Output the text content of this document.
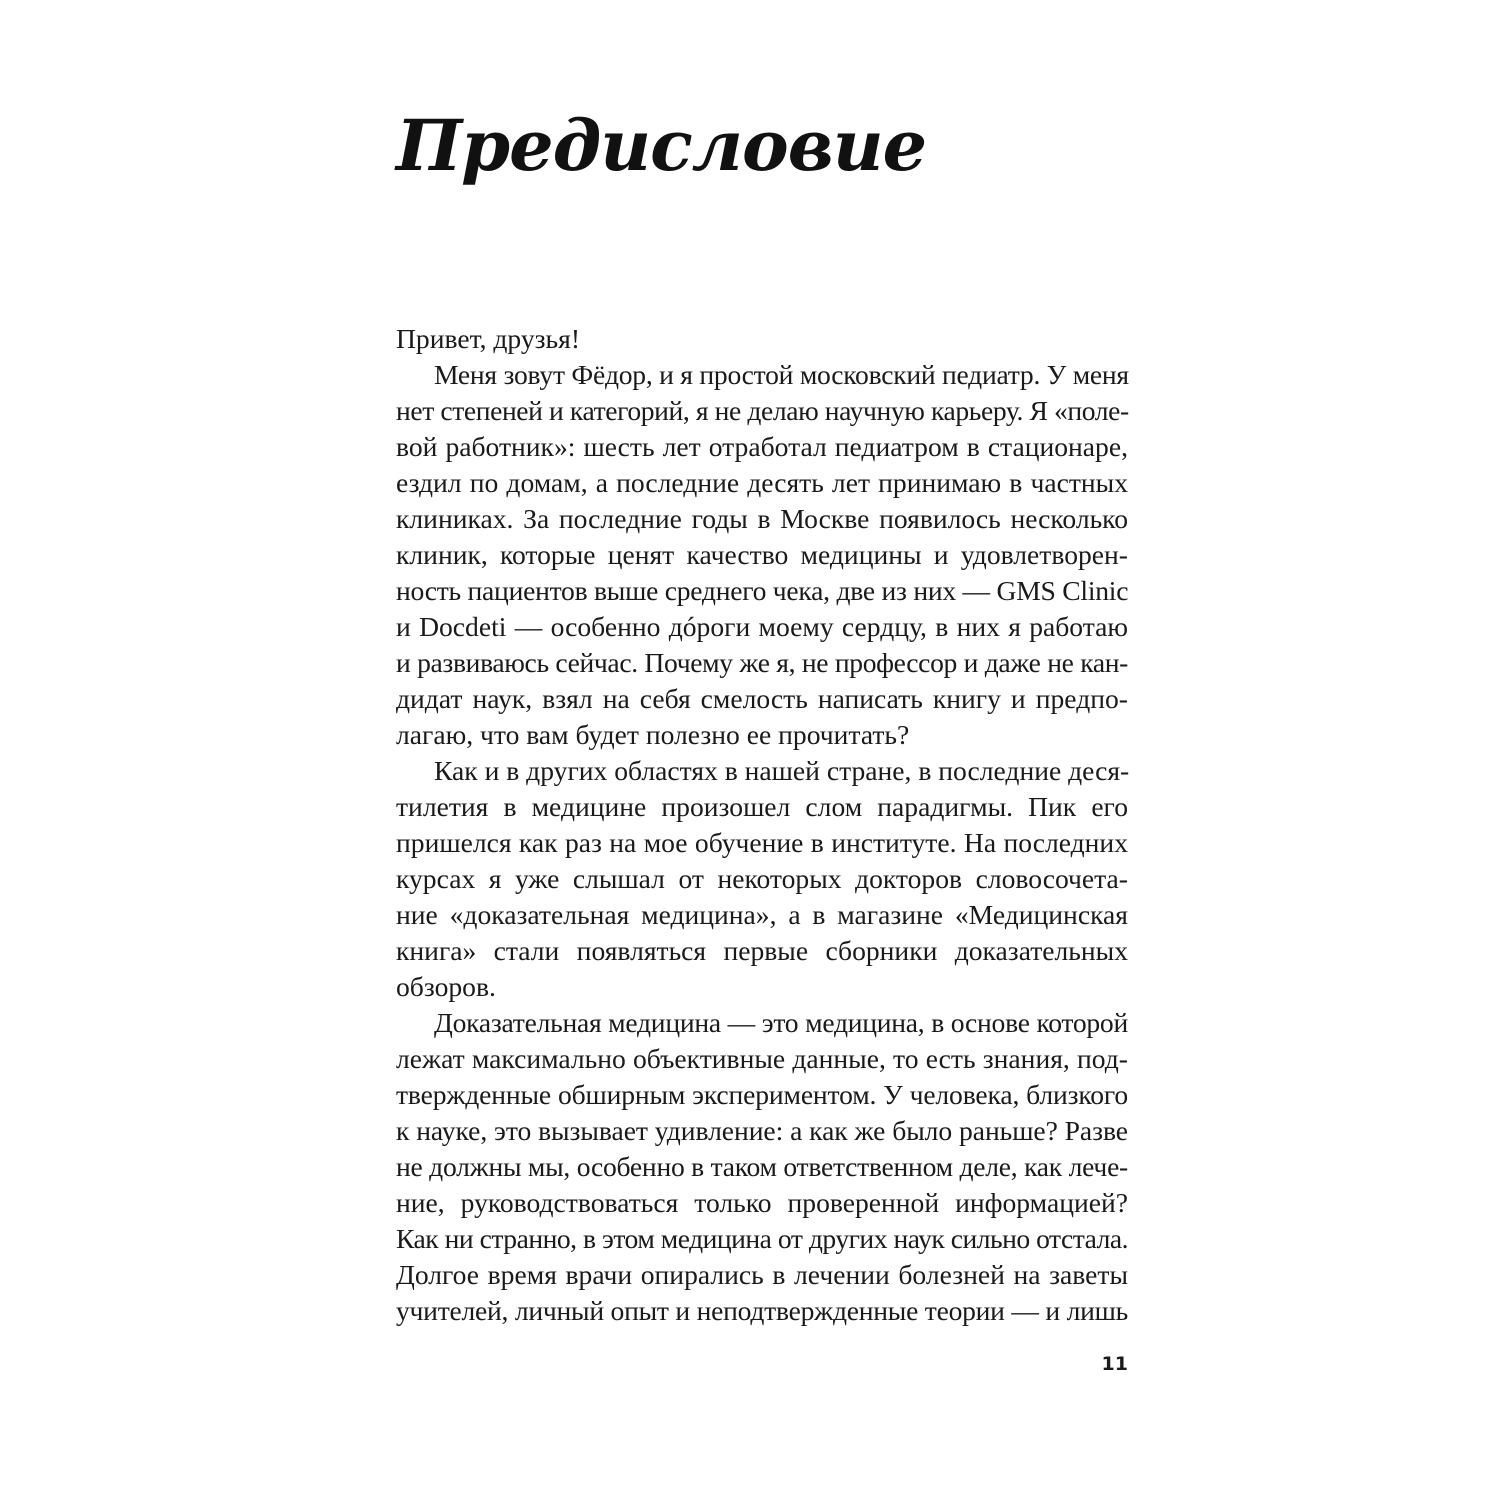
Предисловие
Привет, друзья!
Меня зовут Фёдор, и я простой московский педиатр. У меня
нет степеней и категорий, я не делаю научную карьеру. Я «поле-
вой работник»: шесть лет отработал педиатром в стационаре,
ездил по домам, а последние десять лет принимаю в частных
клиниках. За последние годы в Москве появилось несколько
клиник, которые ценят качество медицины и удовлетворен-
ность пациентов выше среднего чека, две из них — GMS Clinic
и Docdeti — особенно дóроги моему сердцу, в них я работаю
и развиваюсь сейчас. Почему же я, не профессор и даже не кан-
дидат наук, взял на себя смелость написать книгу и предпо-
лагаю, что вам будет полезно ее прочитать?
Как и в других областях в нашей стране, в последние деся-
тилетия в медицине произошел слом парадигмы. Пик его
пришелся как раз на мое обучение в институте. На последних
курсах я уже слышал от некоторых докторов словосочета-
ние «доказательная медицина», а в магазине «Медицинская
книга» стали появляться первые сборники доказательных
обзоров.
Доказательная медицина — это медицина, в основе которой
лежат максимально объективные данные, то есть знания, под-
твержденные обширным экспериментом. У человека, близкого
к науке, это вызывает удивление: а как же было раньше? Разве
не должны мы, особенно в таком ответственном деле, как лече-
ние, руководствоваться только проверенной информацией?
Как ни странно, в этом медицина от других наук сильно отстала.
Долгое время врачи опирались в лечении болезней на заветы
учителей, личный опыт и неподтвержденные теории — и лишь
11
